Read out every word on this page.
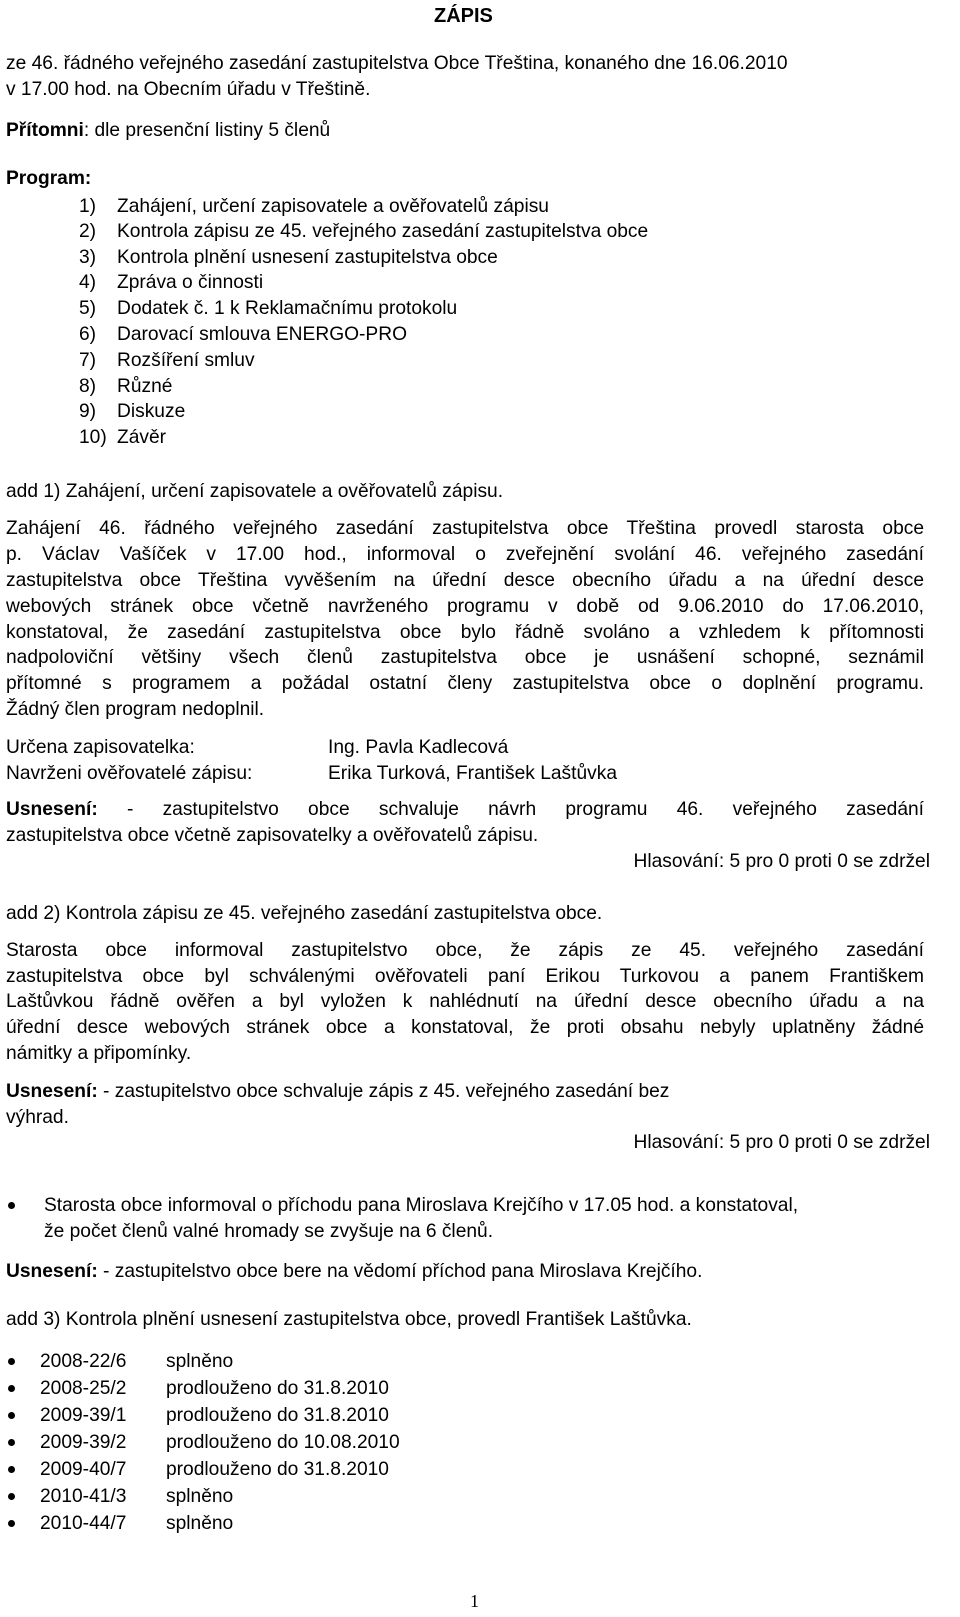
ZÁPIS
ze 46. řádného veřejného zasedání zastupitelstva Obce Třeština, konaného dne 16.06.2010
v 17.00 hod. na Obecním úřadu v Třeštině.
Přítomni: dle presenční listiny 5 členů
Program:
1) Zahájení, určení zapisovatele a ověřovatelů zápisu
2) Kontrola zápisu ze 45. veřejného zasedání zastupitelstva obce
3) Kontrola plnění usnesení zastupitelstva obce
4) Zpráva o činnosti
5) Dodatek č. 1 k Reklamačnímu protokolu
6) Darovací smlouva ENERGO-PRO
7) Rozšíření smluv
8) Různé
9) Diskuze
10) Závěr
add 1) Zahájení, určení zapisovatele a ověřovatelů zápisu.
Zahájení 46. řádného veřejného zasedání zastupitelstva obce Třeština provedl starosta obce
p. Václav Vašíček v 17.00 hod., informoval o zveřejnění svolání 46. veřejného zasedání
zastupitelstva obce Třeština vyvěšením na úřední desce obecního úřadu a na úřední desce
webových stránek obce včetně navrženého programu v době od 9.06.2010 do 17.06.2010,
konstatoval, že zasedání zastupitelstva obce bylo řádně svoláno a vzhledem k přítomnosti
nadpoloviční většiny všech členů zastupitelstva obce je usnášení schopné, seznámil
přítomné s programem a požádal ostatní členy zastupitelstva obce o doplnění programu.
Žádný člen program nedoplnil.
Určena zapisovatelka:	Ing. Pavla Kadlecová
Navrženi ověřovatelé zápisu:	Erika Turková, František Laštůvka
Usnesení: - zastupitelstvo obce schvaluje návrh programu 46. veřejného zasedání
zastupitelstva obce včetně zapisovatelky a ověřovatelů zápisu.
Hlasování: 5 pro 0 proti 0 se zdržel
add 2) Kontrola zápisu ze 45. veřejného zasedání zastupitelstva obce.
Starosta obce informoval zastupitelstvo obce, že zápis ze 45. veřejného zasedání
zastupitelstva obce byl schválenými ověřovateli paní Erikou Turkovou a panem Františkem
Laštůvkou řádně ověřen a byl vyložen k nahlédnutí na úřední desce obecního úřadu a na
úřední desce webových stránek obce a konstatoval, že proti obsahu nebyly uplatněny žádné
námitky a připomínky.
Usnesení: - zastupitelstvo obce schvaluje zápis z 45. veřejného zasedání bez
výhrad.
Hlasování: 5 pro 0 proti 0 se zdržel
Starosta obce informoval o příchodu pana Miroslava Krejčího v 17.05 hod. a konstatoval,
že počet členů valné hromady se zvyšuje na 6 členů.
Usnesení: - zastupitelstvo obce bere na vědomí příchod pana Miroslava Krejčího.
add 3) Kontrola plnění usnesení zastupitelstva obce, provedl František Laštůvka.
2008-22/6 splněno
2008-25/2 prodlouženo do 31.8.2010
2009-39/1 prodlouženo do 31.8.2010
2009-39/2 prodlouženo do 10.08.2010
2009-40/7 prodlouženo do 31.8.2010
2010-41/3 splněno
2010-44/7 splněno
1
